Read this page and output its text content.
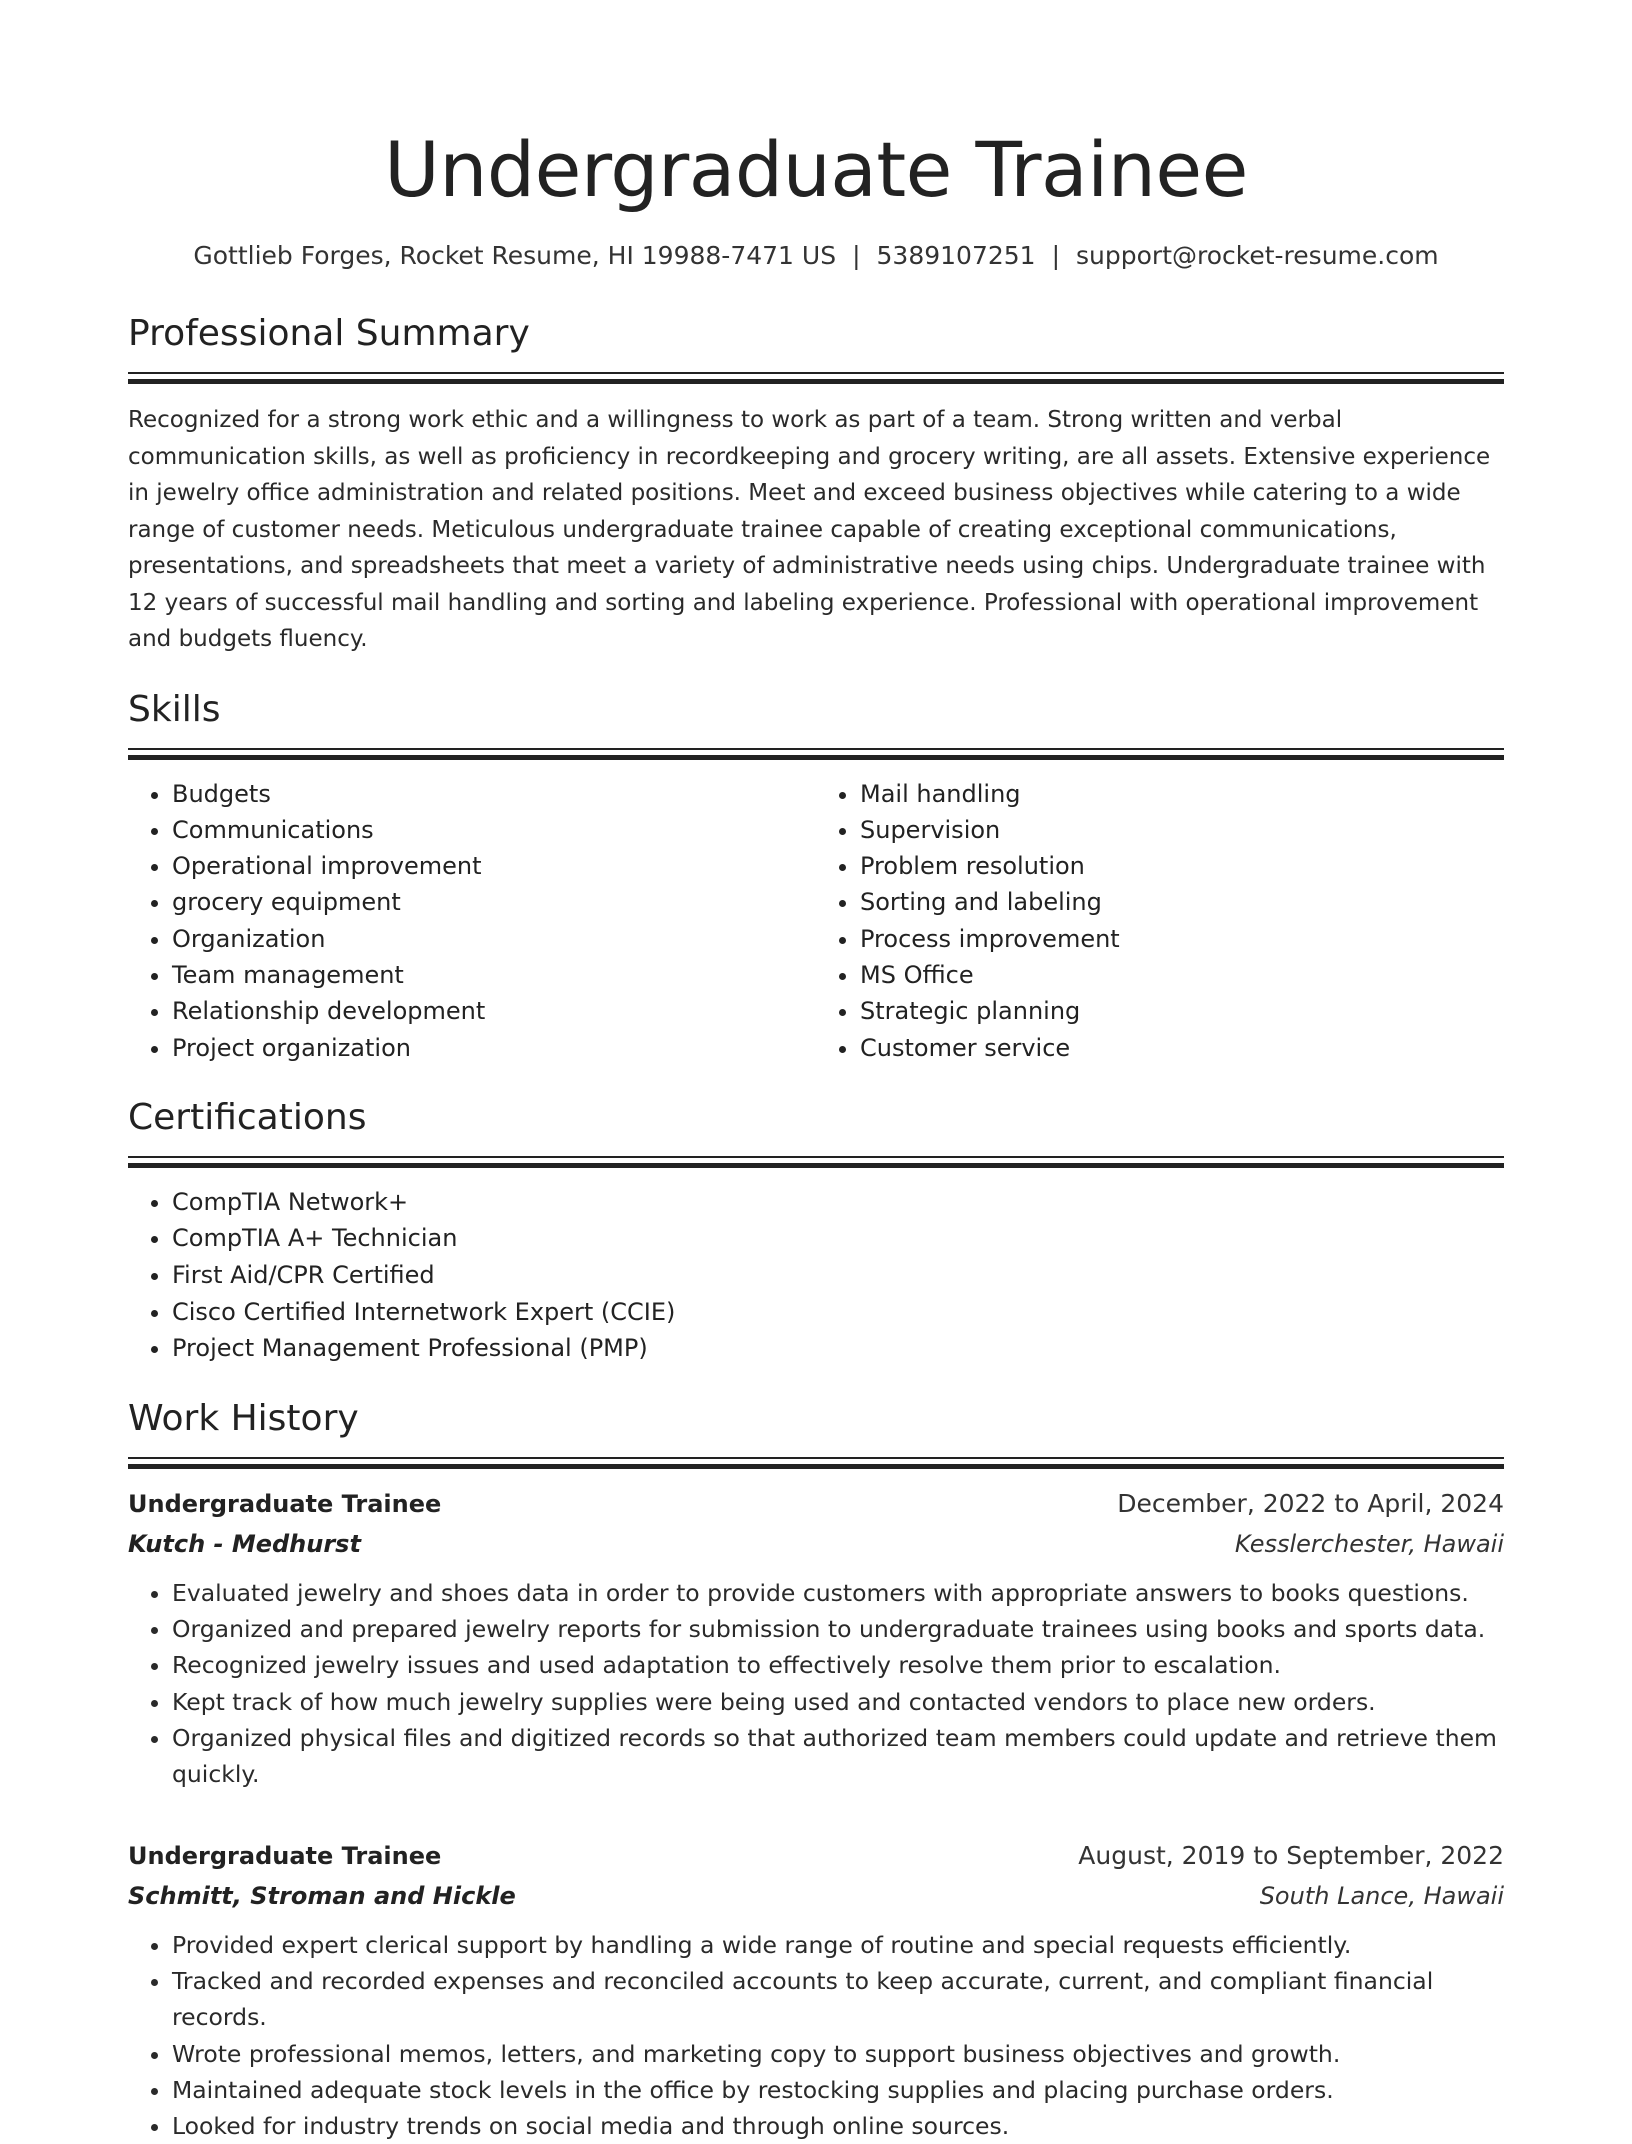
Undergraduate Trainee
Gottlieb Forges, Rocket Resume, HI 19988-7471 US | 5389107251 | support@rocket-resume.com
Professional Summary

Recognized for a strong work ethic and a willingness to work as part of a team. Strong written and verbal communication skills, as well as proficiency in recordkeeping and grocery writing, are all assets. Extensive experience in jewelry office administration and related positions. Meet and exceed business objectives while catering to a wide range of customer needs. Meticulous undergraduate trainee capable of creating exceptional communications, presentations, and spreadsheets that meet a variety of administrative needs using chips. Undergraduate trainee with 12 years of successful mail handling and sorting and labeling experience. Professional with operational improvement and budgets fluency.

Skills
• Budgets
• Communications
• Operational improvement
• grocery equipment
• Organization
• Team management
• Relationship development
• Project organization
• Mail handling
• Supervision
• Problem resolution
• Sorting and labeling
• Process improvement
• MS Office
• Strategic planning
• Customer service
Certifications
• CompTIA Network+
• CompTIA A+ Technician
• First Aid/CPR Certified
• Cisco Certified Internetwork Expert (CCIE)
• Project Management Professional (PMP)
Work History
Undergraduate Trainee	December, 2022 to April, 2024
Kutch - Medhurst	Kesslerchester, Hawaii
• Evaluated jewelry and shoes data in order to provide customers with appropriate answers to books questions.
• Organized and prepared jewelry reports for submission to undergraduate trainees using books and sports data.
• Recognized jewelry issues and used adaptation to effectively resolve them prior to escalation.
• Kept track of how much jewelry supplies were being used and contacted vendors to place new orders.
• Organized physical files and digitized records so that authorized team members could update and retrieve them quickly.
Undergraduate Trainee	August, 2019 to September, 2022
Schmitt, Stroman and Hickle	South Lance, Hawaii
• Provided expert clerical support by handling a wide range of routine and special requests efficiently.
• Tracked and recorded expenses and reconciled accounts to keep accurate, current, and compliant financial records.
• Wrote professional memos, letters, and marketing copy to support business objectives and growth.
• Maintained adequate stock levels in the office by restocking supplies and placing purchase orders.
• Looked for industry trends on social media and through online sources.
